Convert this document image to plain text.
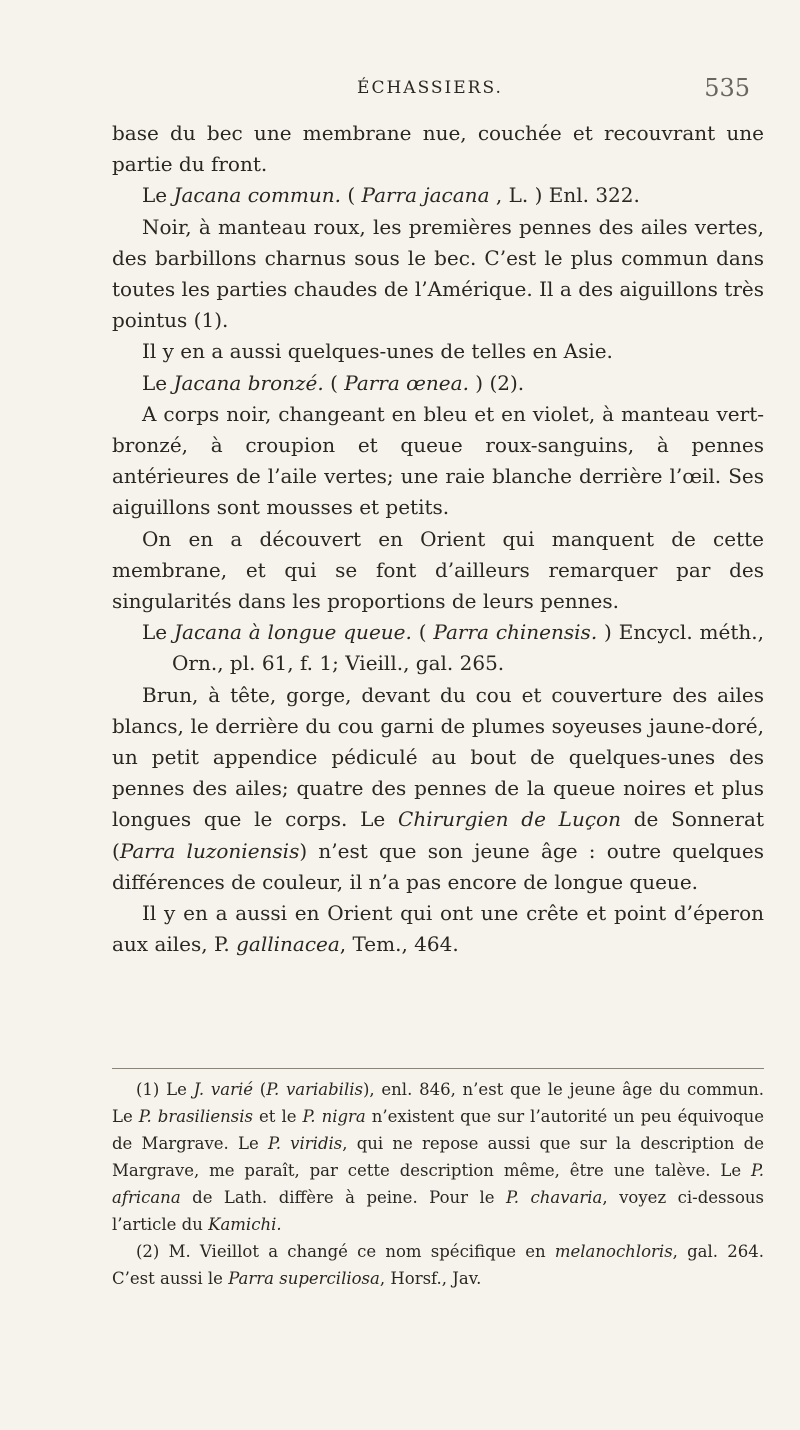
ÉCHASSIERS.	535

base du bec une membrane nue, couchée et recouvrant une partie du front.

Le Jacana commun. ( Parra jacana , L. ) Enl. 322.

Noir, à manteau roux, les premières pennes des ailes vertes, des barbillons charnus sous le bec. C’est le plus commun dans toutes les parties chaudes de l’Amérique. Il a des aiguillons très pointus (1).

Il y en a aussi quelques-unes de telles en Asie.

Le Jacana bronzé. ( Parra œnea. ) (2).

A corps noir, changeant en bleu et en violet, à manteau vert-bronzé, à croupion et queue roux-sanguins, à pennes antérieures de l’aile vertes; une raie blanche derrière l’œil. Ses aiguillons sont mousses et petits.

On en a découvert en Orient qui manquent de cette membrane, et qui se font d’ailleurs remarquer par des singularités dans les proportions de leurs pennes.

Le Jacana à longue queue. ( Parra chinensis. ) Encycl. méth., Orn., pl. 61, f. 1; Vieill., gal. 265.

Brun, à tête, gorge, devant du cou et couverture des ailes blancs, le derrière du cou garni de plumes soyeuses jaune-doré, un petit appendice pédiculé au bout de quelques-unes des pennes des ailes; quatre des pennes de la queue noires et plus longues que le corps. Le Chirurgien de Luçon de Sonnerat (Parra luzoniensis) n’est que son jeune âge : outre quelques différences de couleur, il n’a pas encore de longue queue.

Il y en a aussi en Orient qui ont une crête et point d’éperon aux ailes, P. gallinacea, Tem., 464.

(1) Le J. varié (P. variabilis), enl. 846, n’est que le jeune âge du commun. Le P. brasiliensis et le P. nigra n’existent que sur l’autorité un peu équivoque de Margrave. Le P. viridis, qui ne repose aussi que sur la description de Margrave, me paraît, par cette description même, être une talève. Le P. africana de Lath. diffère à peine. Pour le P. chavaria, voyez ci-dessous l’article du Kamichi.

(2) M. Vieillot a changé ce nom spécifique en melanochloris, gal. 264. C’est aussi le Parra superciliosa, Horsf., Jav.
